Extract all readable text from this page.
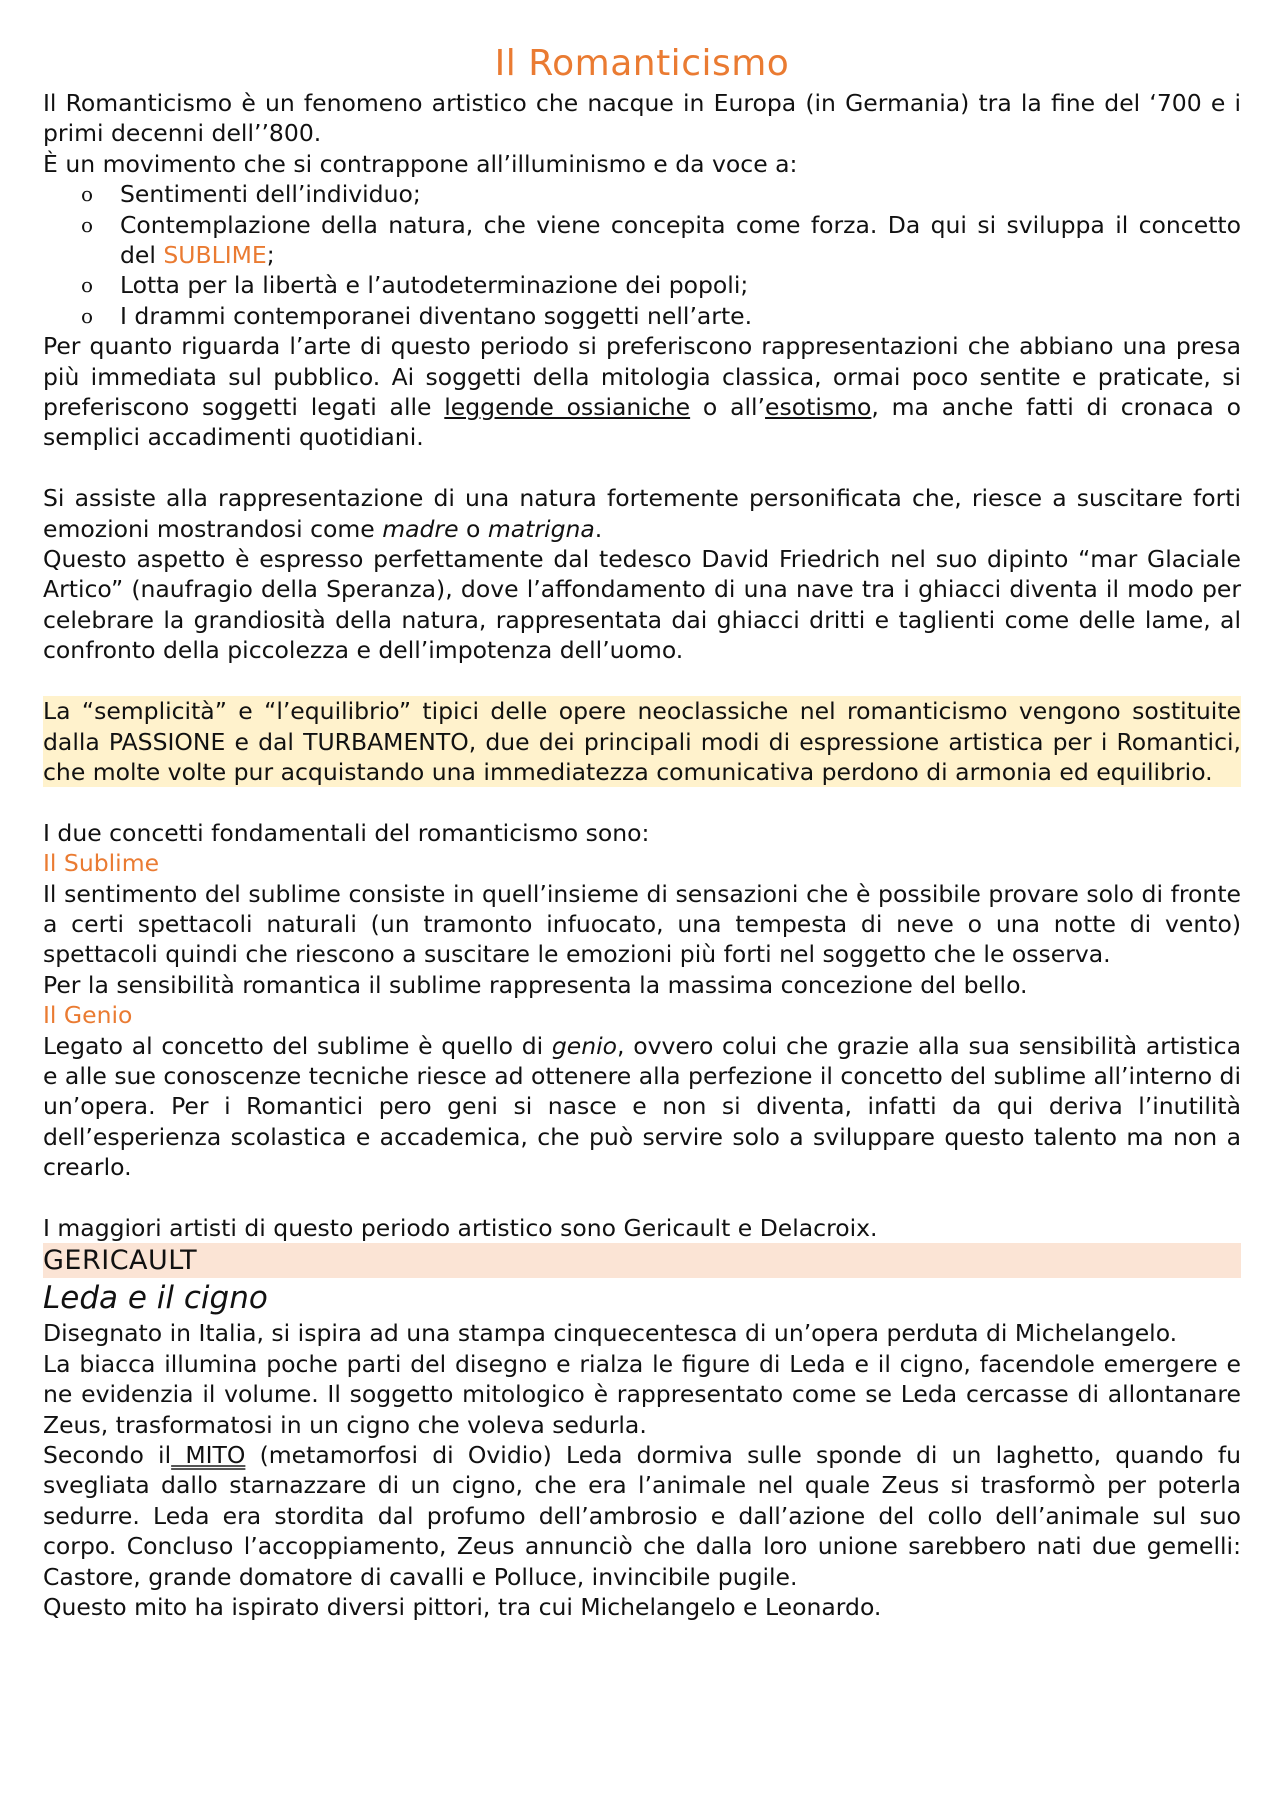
Il Romanticismo

Il Romanticismo è un fenomeno artistico che nacque in Europa (in Germania) tra la fine del ‘700 e i primi decenni dell’’800.

È un movimento che si contrappone all’illuminismo e da voce a:

o Sentimenti dell’individuo;
o Contemplazione della natura, che viene concepita come forza. Da qui si sviluppa il concetto del SUBLIME;
o Lotta per la libertà e l’autodeterminazione dei popoli;
o I drammi contemporanei diventano soggetti nell’arte.

Per quanto riguarda l’arte di questo periodo si preferiscono rappresentazioni che abbiano una presa più immediata sul pubblico. Ai soggetti della mitologia classica, ormai poco sentite e praticate, si preferiscono soggetti legati alle leggende ossianiche o all’esotismo, ma anche fatti di cronaca o semplici accadimenti quotidiani.

Si assiste alla rappresentazione di una natura fortemente personificata che, riesce a suscitare forti emozioni mostrandosi come madre o matrigna.

Questo aspetto è espresso perfettamente dal tedesco David Friedrich nel suo dipinto “mar Glaciale Artico” (naufragio della Speranza), dove l’affondamento di una nave tra i ghiacci diventa il modo per celebrare la grandiosità della natura, rappresentata dai ghiacci dritti e taglienti come delle lame, al confronto della piccolezza e dell’impotenza dell’uomo.

La “semplicità” e “l’equilibrio” tipici delle opere neoclassiche nel romanticismo vengono sostituite dalla PASSIONE e dal TURBAMENTO, due dei principali modi di espressione artistica per i Romantici, che molte volte pur acquistando una immediatezza comunicativa perdono di armonia ed equilibrio.

I due concetti fondamentali del romanticismo sono:

Il Sublime

Il sentimento del sublime consiste in quell’insieme di sensazioni che è possibile provare solo di fronte a certi spettacoli naturali (un tramonto infuocato, una tempesta di neve o una notte di vento) spettacoli quindi che riescono a suscitare le emozioni più forti nel soggetto che le osserva.

Per la sensibilità romantica il sublime rappresenta la massima concezione del bello.

Il Genio

Legato al concetto del sublime è quello di genio, ovvero colui che grazie alla sua sensibilità artistica e alle sue conoscenze tecniche riesce ad ottenere alla perfezione il concetto del sublime all’interno di un’opera. Per i Romantici pero geni si nasce e non si diventa, infatti da qui deriva l’inutilità dell’esperienza scolastica e accademica, che può servire solo a sviluppare questo talento ma non a crearlo.

I maggiori artisti di questo periodo artistico sono Gericault e Delacroix.

GERICAULT
Leda e il cigno

Disegnato in Italia, si ispira ad una stampa cinquecentesca di un’opera perduta di Michelangelo.

La biacca illumina poche parti del disegno e rialza le figure di Leda e il cigno, facendole emergere e ne evidenzia il volume. Il soggetto mitologico è rappresentato come se Leda cercasse di allontanare Zeus, trasformatosi in un cigno che voleva sedurla.

Secondo il MITO (metamorfosi di Ovidio) Leda dormiva sulle sponde di un laghetto, quando fu svegliata dallo starnazzare di un cigno, che era l’animale nel quale Zeus si trasformò per poterla sedurre. Leda era stordita dal profumo dell’ambrosio e dall’azione del collo dell’animale sul suo corpo. Concluso l’accoppiamento, Zeus annunciò che dalla loro unione sarebbero nati due gemelli: Castore, grande domatore di cavalli e Polluce, invincibile pugile.

Questo mito ha ispirato diversi pittori, tra cui Michelangelo e Leonardo.
